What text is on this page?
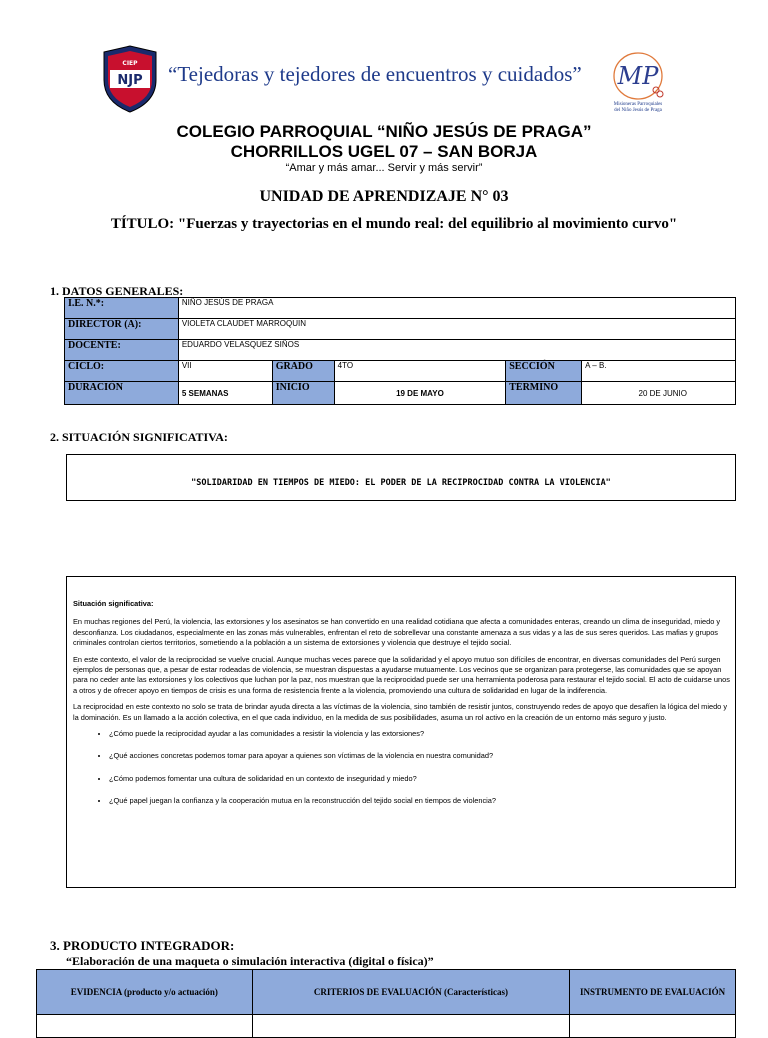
NJP
CIEP “Tejedoras y tejedores de encuentros y cuidados”	MP
Misioneras Parroquiales
del Niño Jesús de Praga
COLEGIO PARROQUIAL “NIÑO JESÚS DE PRAGA”
CHORRILLOS UGEL 07 – SAN BORJA
“Amar y más amar... Servir y más servir”
UNIDAD DE APRENDIZAJE N° 03
TÍTULO: "Fuerzas y trayectorias en el mundo real: del equilibrio al movimiento curvo"
1. DATOS GENERALES:
I.E. N.*:	NIÑO JESÚS DE PRAGA				
DIRECTOR (A):	VIOLETA CLAUDET MARROQUIN				
DOCENTE:	EDUARDO VELASQUEZ SIÑOS				
CICLO:	VII	GRADO	4TO	SECCIÓN	A – B.
DURACIÓN	5 SEMANAS	INICIO	19 DE MAYO	TÉRMINO	20 DE JUNIO
2. SITUACIÓN SIGNIFICATIVA:
"SOLIDARIDAD EN TIEMPOS DE MIEDO: EL PODER DE LA RECIPROCIDAD CONTRA LA VIOLENCIA"

Situación significativa:

En muchas regiones del Perú, la violencia, las extorsiones y los asesinatos se han convertido en una realidad cotidiana que afecta a comunidades enteras, creando un clima de inseguridad, miedo y desconfianza. Los ciudadanos, especialmente en las zonas más vulnerables, enfrentan el reto de sobrellevar una constante amenaza a sus vidas y a las de sus seres queridos. Las mafias y grupos criminales controlan ciertos territorios, sometiendo a la población a un sistema de extorsiones y violencia que destruye el tejido social.

En este contexto, el valor de la reciprocidad se vuelve crucial. Aunque muchas veces parece que la solidaridad y el apoyo mutuo son difíciles de encontrar, en diversas comunidades del Perú surgen ejemplos de personas que, a pesar de estar rodeadas de violencia, se muestran dispuestas a ayudarse mutuamente. Los vecinos que se organizan para protegerse, las comunidades que se apoyan para no ceder ante las extorsiones y los colectivos que luchan por la paz, nos muestran que la reciprocidad puede ser una herramienta poderosa para restaurar el tejido social. El acto de cuidarse unos a otros y de ofrecer apoyo en tiempos de crisis es una forma de resistencia frente a la violencia, promoviendo una cultura de solidaridad en lugar de la indiferencia.

La reciprocidad en este contexto no solo se trata de brindar ayuda directa a las víctimas de la violencia, sino también de resistir juntos, construyendo redes de apoyo que desafíen la lógica del miedo y la dominación. Es un llamado a la acción colectiva, en el que cada individuo, en la medida de sus posibilidades, asuma un rol activo en la creación de un entorno más seguro y justo.

• ¿Cómo puede la reciprocidad ayudar a las comunidades a resistir la violencia y las extorsiones?
• ¿Qué acciones concretas podemos tomar para apoyar a quienes son víctimas de la violencia en nuestra comunidad?
• ¿Cómo podemos fomentar una cultura de solidaridad en un contexto de inseguridad y miedo?
• ¿Qué papel juegan la confianza y la cooperación mutua en la reconstrucción del tejido social en tiempos de violencia?
3. PRODUCTO INTEGRADOR:
“Elaboración de una maqueta o simulación interactiva (digital o física)”
EVIDENCIA (producto y/o actuación)	CRITERIOS DE EVALUACIÓN (Características)	INSTRUMENTO DE EVALUACIÓN
